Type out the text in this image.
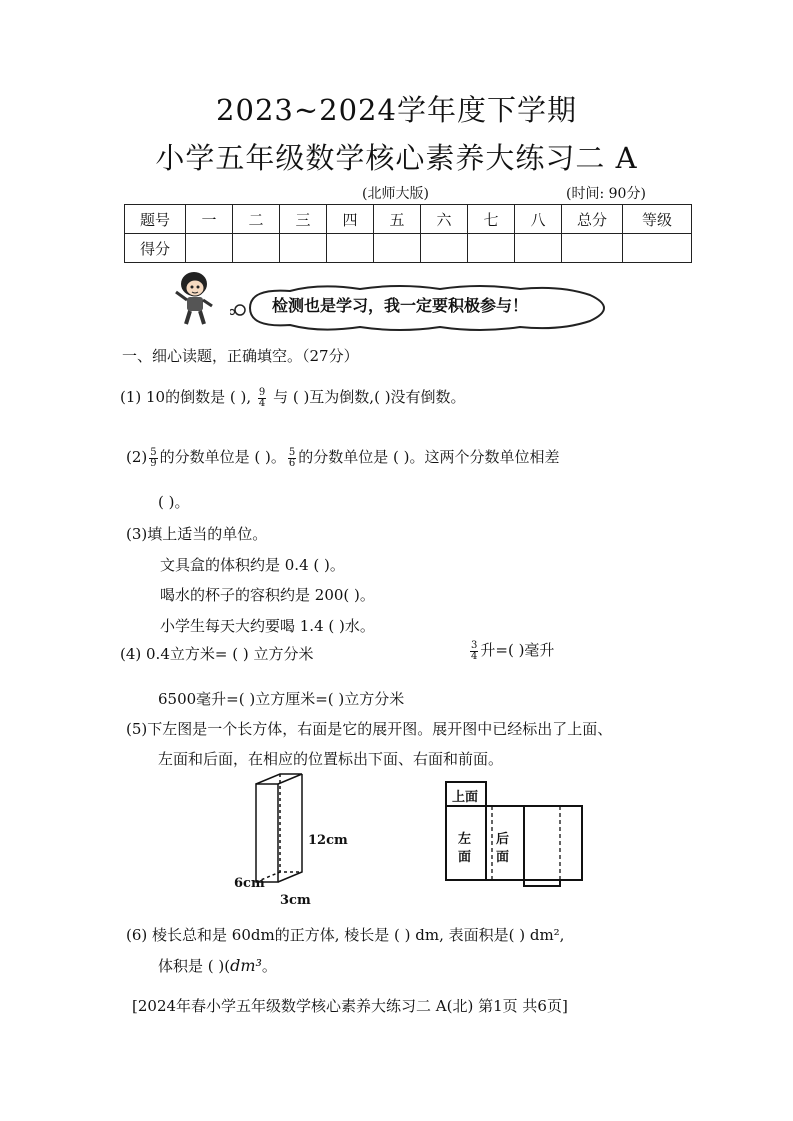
2023~2024学年度下学期
小学五年级数学核心素养大练习二 A
(北师大版)	(时间: 90分)
题号	一	二	三	四	五	六	七	八	总分	等级
得分										
检测也是学习，我一定要积极参与！
一、细心读题，正确填空。（27分）
(1) 10的倒数是 ( ), $\frac{9}{4}$ 与 ( )互为倒数,( )没有倒数。
$(2) \frac{5}{9}$ 的分数单位是 ( )。 $\frac{5}{6}$ 的分数单位是 ( )。这两个分数单位相差
( )。
(3)填上适当的单位。
文具盒的体积约是 0.4 ( )。
喝水的杯子的容积约是 200( )。
小学生每天大约要喝 1.4 ( )水。
(4) 0.4立方米= ( ) 立方分米	$\frac{3}{4}$ 升=( )毫升
6500毫升=( )立方厘米=( )立方分米
(5)下左图是一个长方体，右面是它的展开图。展开图中已经标出了上面、
左面和后面，在相应的位置标出下面、右面和前面。
12cm
6cm
3cm
上面
左
面
后
面
(6) 棱长总和是 60dm的正方体, 棱长是 ( ) dm, 表面积是( ) dm²,
体积是 ( )(dm³。
[2024年春小学五年级数学核心素养大练习二 A(北) 第1页 共6页]
